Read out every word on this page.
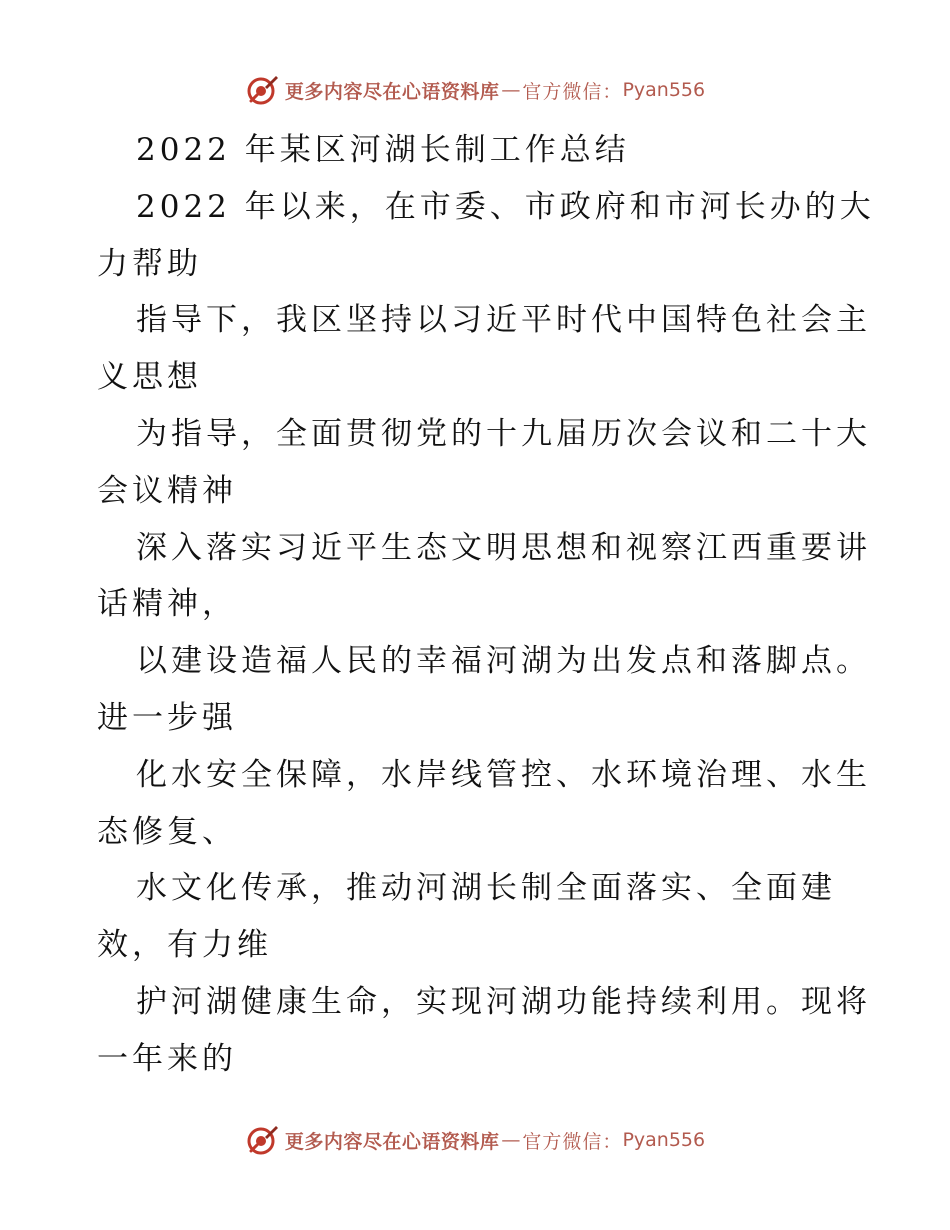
更多内容尽在心语资料库 — 官方微信： Pyan556
2022 年某区河湖长制工作总结
2022 年以来，在市委、市政府和市河长办的大
力帮助
指导下，我区坚持以习近平时代中国特色社会主
义思想
为指导，全面贯彻党的十九届历次会议和二十大
会议精神
深入落实习近平生态文明思想和视察江西重要讲
话精神，
以建设造福人民的幸福河湖为出发点和落脚点。
进一步强
化水安全保障，水岸线管控、水环境治理、水生
态修复、
水文化传承，推动河湖长制全面落实、全面建
效，有力维
护河湖健康生命，实现河湖功能持续利用。现将
一年来的
更多内容尽在心语资料库 — 官方微信： Pyan556
